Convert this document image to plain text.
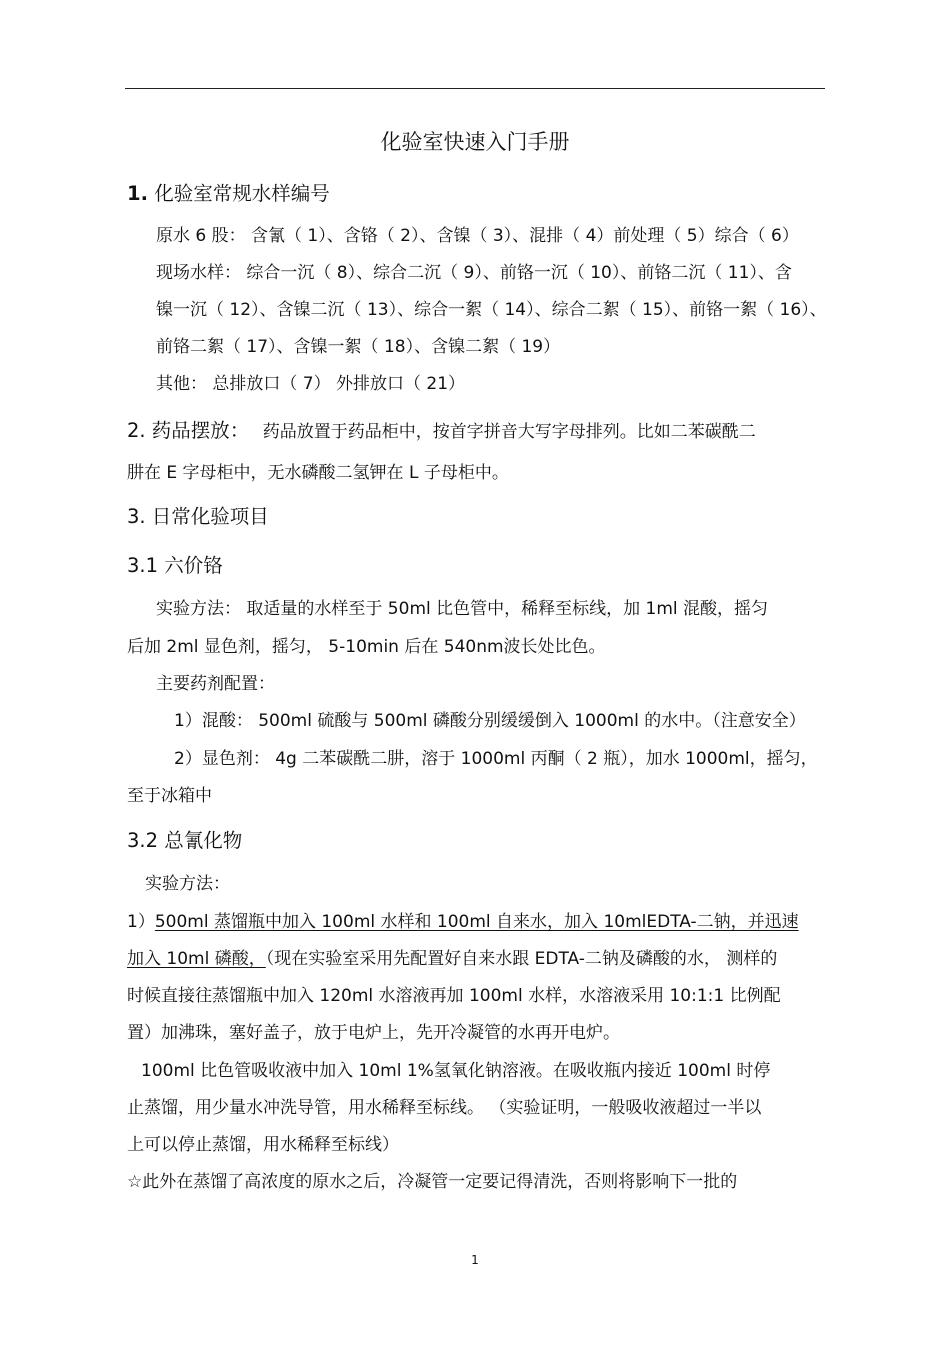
化验室快速入门手册
1. 化验室常规水样编号
原水 6 股： 含氰（ 1）、含铬（ 2）、含镍（ 3）、混排（ 4）前处理（ 5）综合（ 6）
现场水样： 综合一沉（ 8）、综合二沉（ 9）、前铬一沉（ 10）、前铬二沉（ 11）、含
镍一沉（ 12）、含镍二沉（ 13）、综合一絮（ 14）、综合二絮（ 15）、前铬一絮（ 16）、
前铬二絮（ 17）、含镍一絮（ 18）、含镍二絮（ 19）
其他： 总排放口（ 7） 外排放口（ 21）
2. 药品摆放： 药品放置于药品柜中，按首字拼音大写字母排列。比如二苯碳酰二
肼在 E 字母柜中，无水磷酸二氢钾在 L 子母柜中。
3. 日常化验项目
3.1 六价铬
实验方法： 取适量的水样至于 50ml 比色管中，稀释至标线，加 1ml 混酸，摇匀
后加 2ml 显色剂，摇匀， 5-10min 后在 540nm波长处比色。
主要药剂配置：
1）混酸： 500ml 硫酸与 500ml 磷酸分别缓缓倒入 1000ml 的水中。（注意安全）
2）显色剂： 4g 二苯碳酰二肼，溶于 1000ml 丙酮（ 2 瓶），加水 1000ml，摇匀，
至于冰箱中
3.2 总氰化物
实验方法：
1）500ml 蒸馏瓶中加入 100ml 水样和 100ml 自来水，加入 10mlEDTA-二钠，并迅速
加入 10ml 磷酸，（现在实验室采用先配置好自来水跟 EDTA-二钠及磷酸的水， 测样的
时候直接往蒸馏瓶中加入 120ml 水溶液再加 100ml 水样，水溶液采用 10:1:1 比例配
置）加沸珠，塞好盖子，放于电炉上，先开冷凝管的水再开电炉。
100ml 比色管吸收液中加入 10ml 1%氢氧化钠溶液。在吸收瓶内接近 100ml 时停
止蒸馏，用少量水冲洗导管，用水稀释至标线。 （实验证明，一般吸收液超过一半以
上可以停止蒸馏，用水稀释至标线）
☆此外在蒸馏了高浓度的原水之后，冷凝管一定要记得清洗，否则将影响下一批的
1
